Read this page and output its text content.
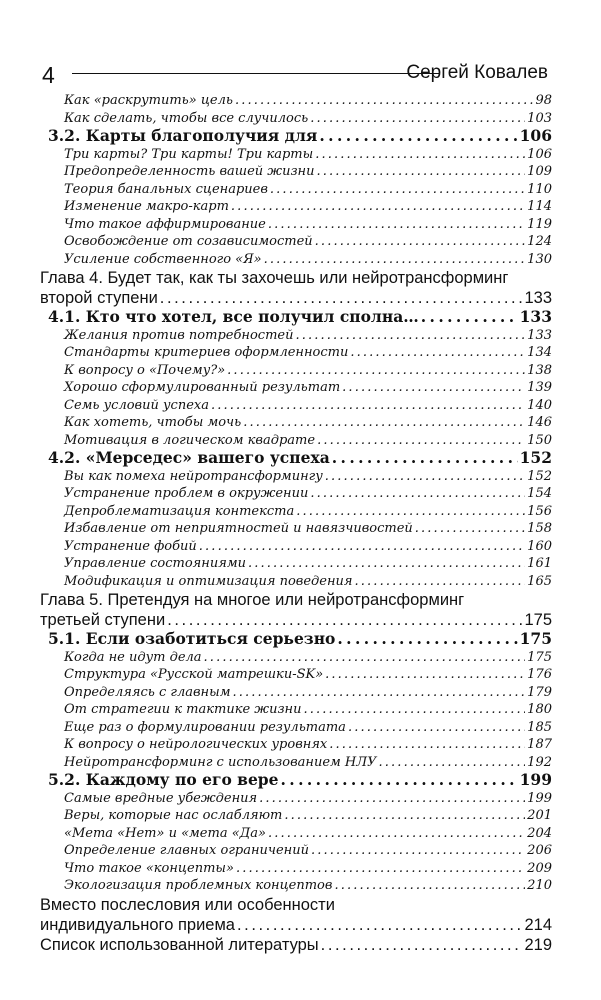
4	Сергей Ковалев
Как «раскрутить» цель . . .	98
Как сделать, чтобы все случилось . . .	103
3.2. Карты благополучия для . . .	106
Три карты? Три карты! Три карты . . .	106
Предопределенность вашей жизни . . .	109
Теория банальных сценариев . . .	110
Изменение макро-карт . . .	114
Что такое аффирмирование . . .	119
Освобождение от созависимостей . . .	124
Усиление собственного «Я» . . .	130
Глава 4. Будет так, как ты захочешь или нейротрансформинг
второй ступени . . .	133
4.1. Кто что хотел, все получил сполна… . . .	133
Желания против потребностей . . .	133
Стандарты критериев оформленности . . .	134
К вопросу о «Почему?» . . .	138
Хорошо сформулированный результат . . .	139
Семь условий успеха . . .	140
Как хотеть, чтобы мочь . . .	146
Мотивация в логическом квадрате . . .	150
4.2. «Мерседес» вашего успеха . . .	152
Вы как помеха нейротрансформингу . . .	152
Устранение проблем в окружении . . .	154
Депроблематизация контекста . . .	156
Избавление от неприятностей и навязчивостей . . .	158
Устранение фобий . . .	160
Управление состояниями . . .	161
Модификация и оптимизация поведения . . .	165
Глава 5. Претендуя на многое или нейротрансформинг
третьей ступени . . .	175
5.1. Если озаботиться серьезно . . .	175
Когда не идут дела . . .	175
Структура «Русской матрешки-SK» . . .	176
Определяясь с главным . . .	179
От стратегии к тактике жизни . . .	180
Еще раз о формулировании результата . . .	185
К вопросу о нейрологических уровнях . . .	187
Нейротрансформинг с использованием НЛУ . . .	192
5.2. Каждому по его вере . . .	199
Самые вредные убеждения . . .	199
Веры, которые нас ослабляют . . .	201
«Мета «Нет» и «мета «Да» . . .	204
Определение главных ограничений . . .	206
Что такое «концепты» . . .	209
Экологизация проблемных концептов . . .	210
Вместо послесловия или особенности
индивидуального приема . . .	214
Список использованной литературы . . .	219
